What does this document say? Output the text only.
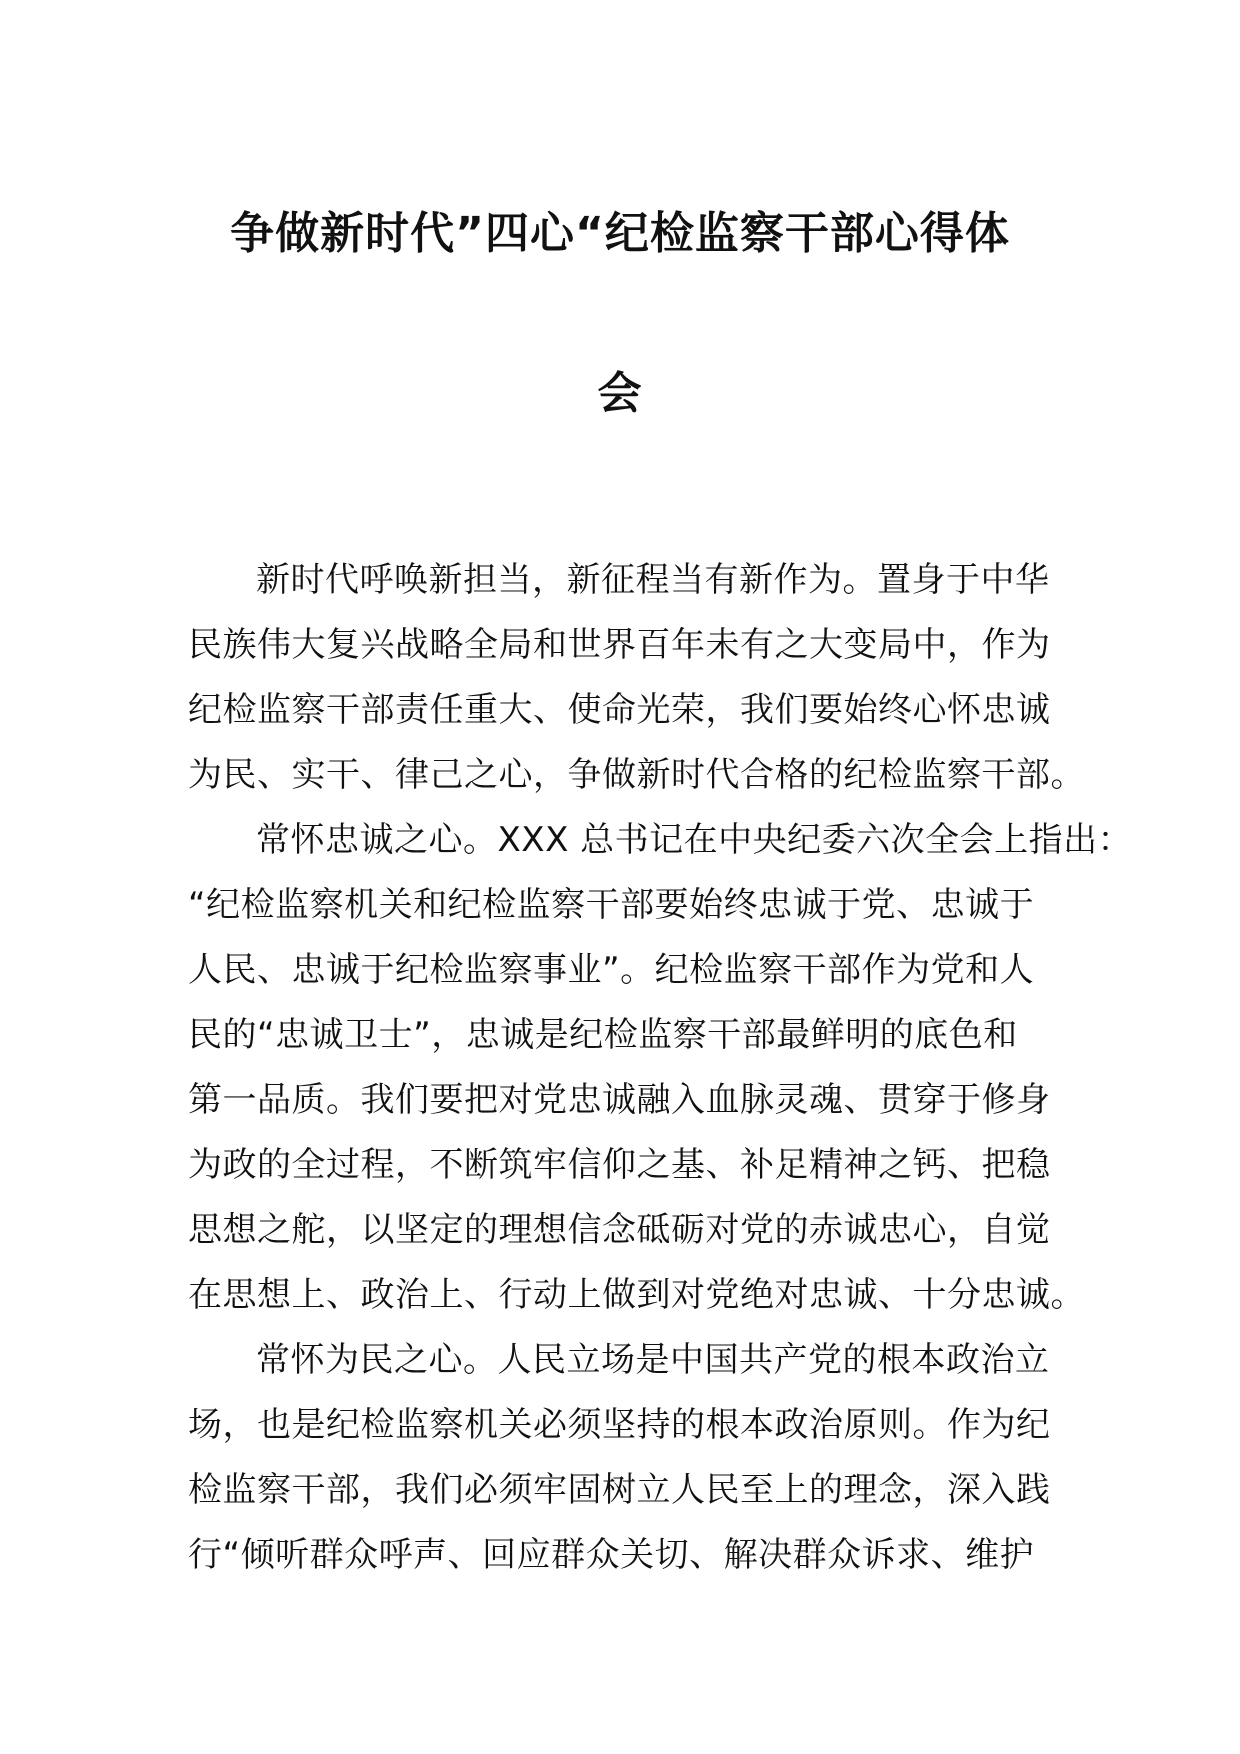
争做新时代”四心“纪检监察干部心得体
会
新时代呼唤新担当，新征程当有新作为。置身于中华
民族伟大复兴战略全局和世界百年未有之大变局中，作为
纪检监察干部责任重大、使命光荣，我们要始终心怀忠诚
为民、实干、律己之心，争做新时代合格的纪检监察干部。
常怀忠诚之心。XXX 总书记在中央纪委六次全会上指出：
“纪检监察机关和纪检监察干部要始终忠诚于党、忠诚于
人民、忠诚于纪检监察事业”。纪检监察干部作为党和人
民的“忠诚卫士”，忠诚是纪检监察干部最鲜明的底色和
第一品质。我们要把对党忠诚融入血脉灵魂、贯穿于修身
为政的全过程，不断筑牢信仰之基、补足精神之钙、把稳
思想之舵，以坚定的理想信念砥砺对党的赤诚忠心，自觉
在思想上、政治上、行动上做到对党绝对忠诚、十分忠诚。
常怀为民之心。人民立场是中国共产党的根本政治立
场，也是纪检监察机关必须坚持的根本政治原则。作为纪
检监察干部，我们必须牢固树立人民至上的理念，深入践
行“倾听群众呼声、回应群众关切、解决群众诉求、维护
